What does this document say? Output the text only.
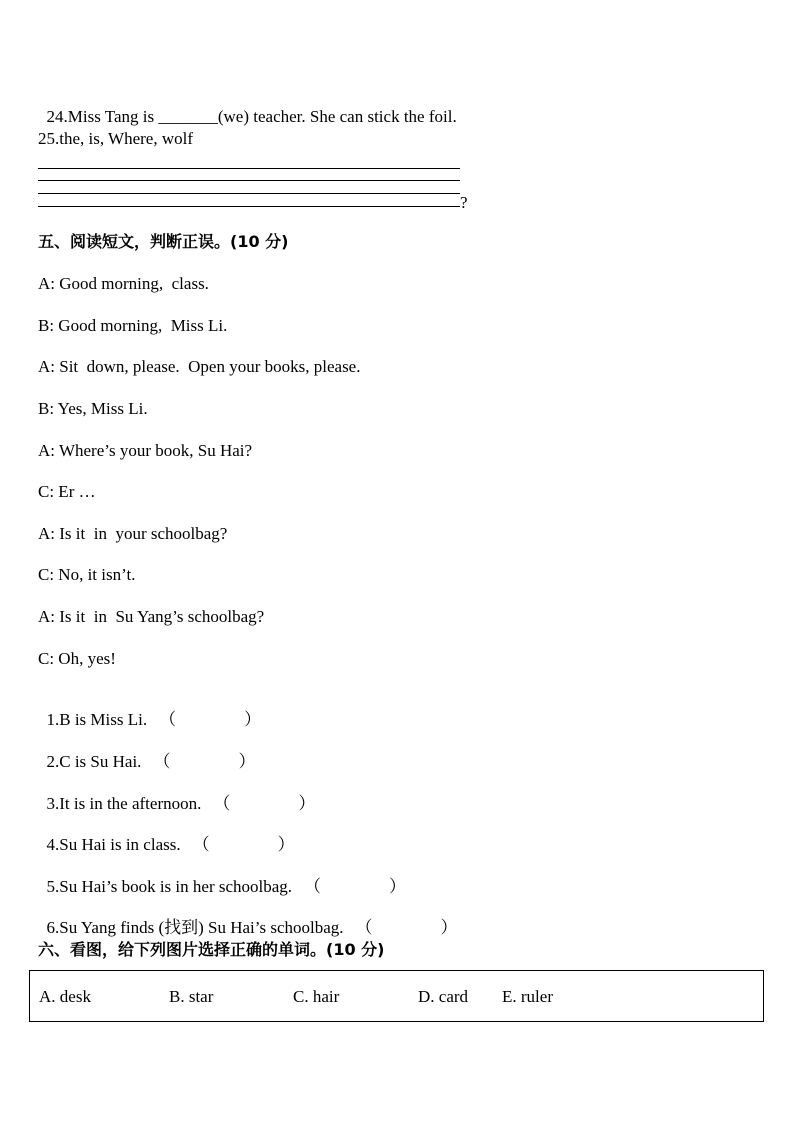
24.Miss Tang is _______(we) teacher. She can stick the foil.

25.the, is, Where, wolf
?
五、阅读短文，判断正误。(10 分)
A: Good morning,  class.
B: Good morning,  Miss Li.
A: Sit  down, please.  Open your books, please.
B: Yes, Miss Li.
A: Where’s your book, Su Hai?
C: Er …
A: Is it  in  your schoolbag?
C: No, it isn’t.
A: Is it  in  Su Yang’s schoolbag?
C: Oh, yes!

1.B is Miss Li. （	）

2.C is Su Hai. （	）

3.It is in the afternoon. （	）

4.Su Hai is in class. （	）

5.Su Hai’s book is in her schoolbag. （	）

6.Su Yang finds (找到) Su Hai’s schoolbag. （	）

六、看图，给下列图片选择正确的单词。(10 分)
A. desk	B. star	C. hair	D. card E. ruler
